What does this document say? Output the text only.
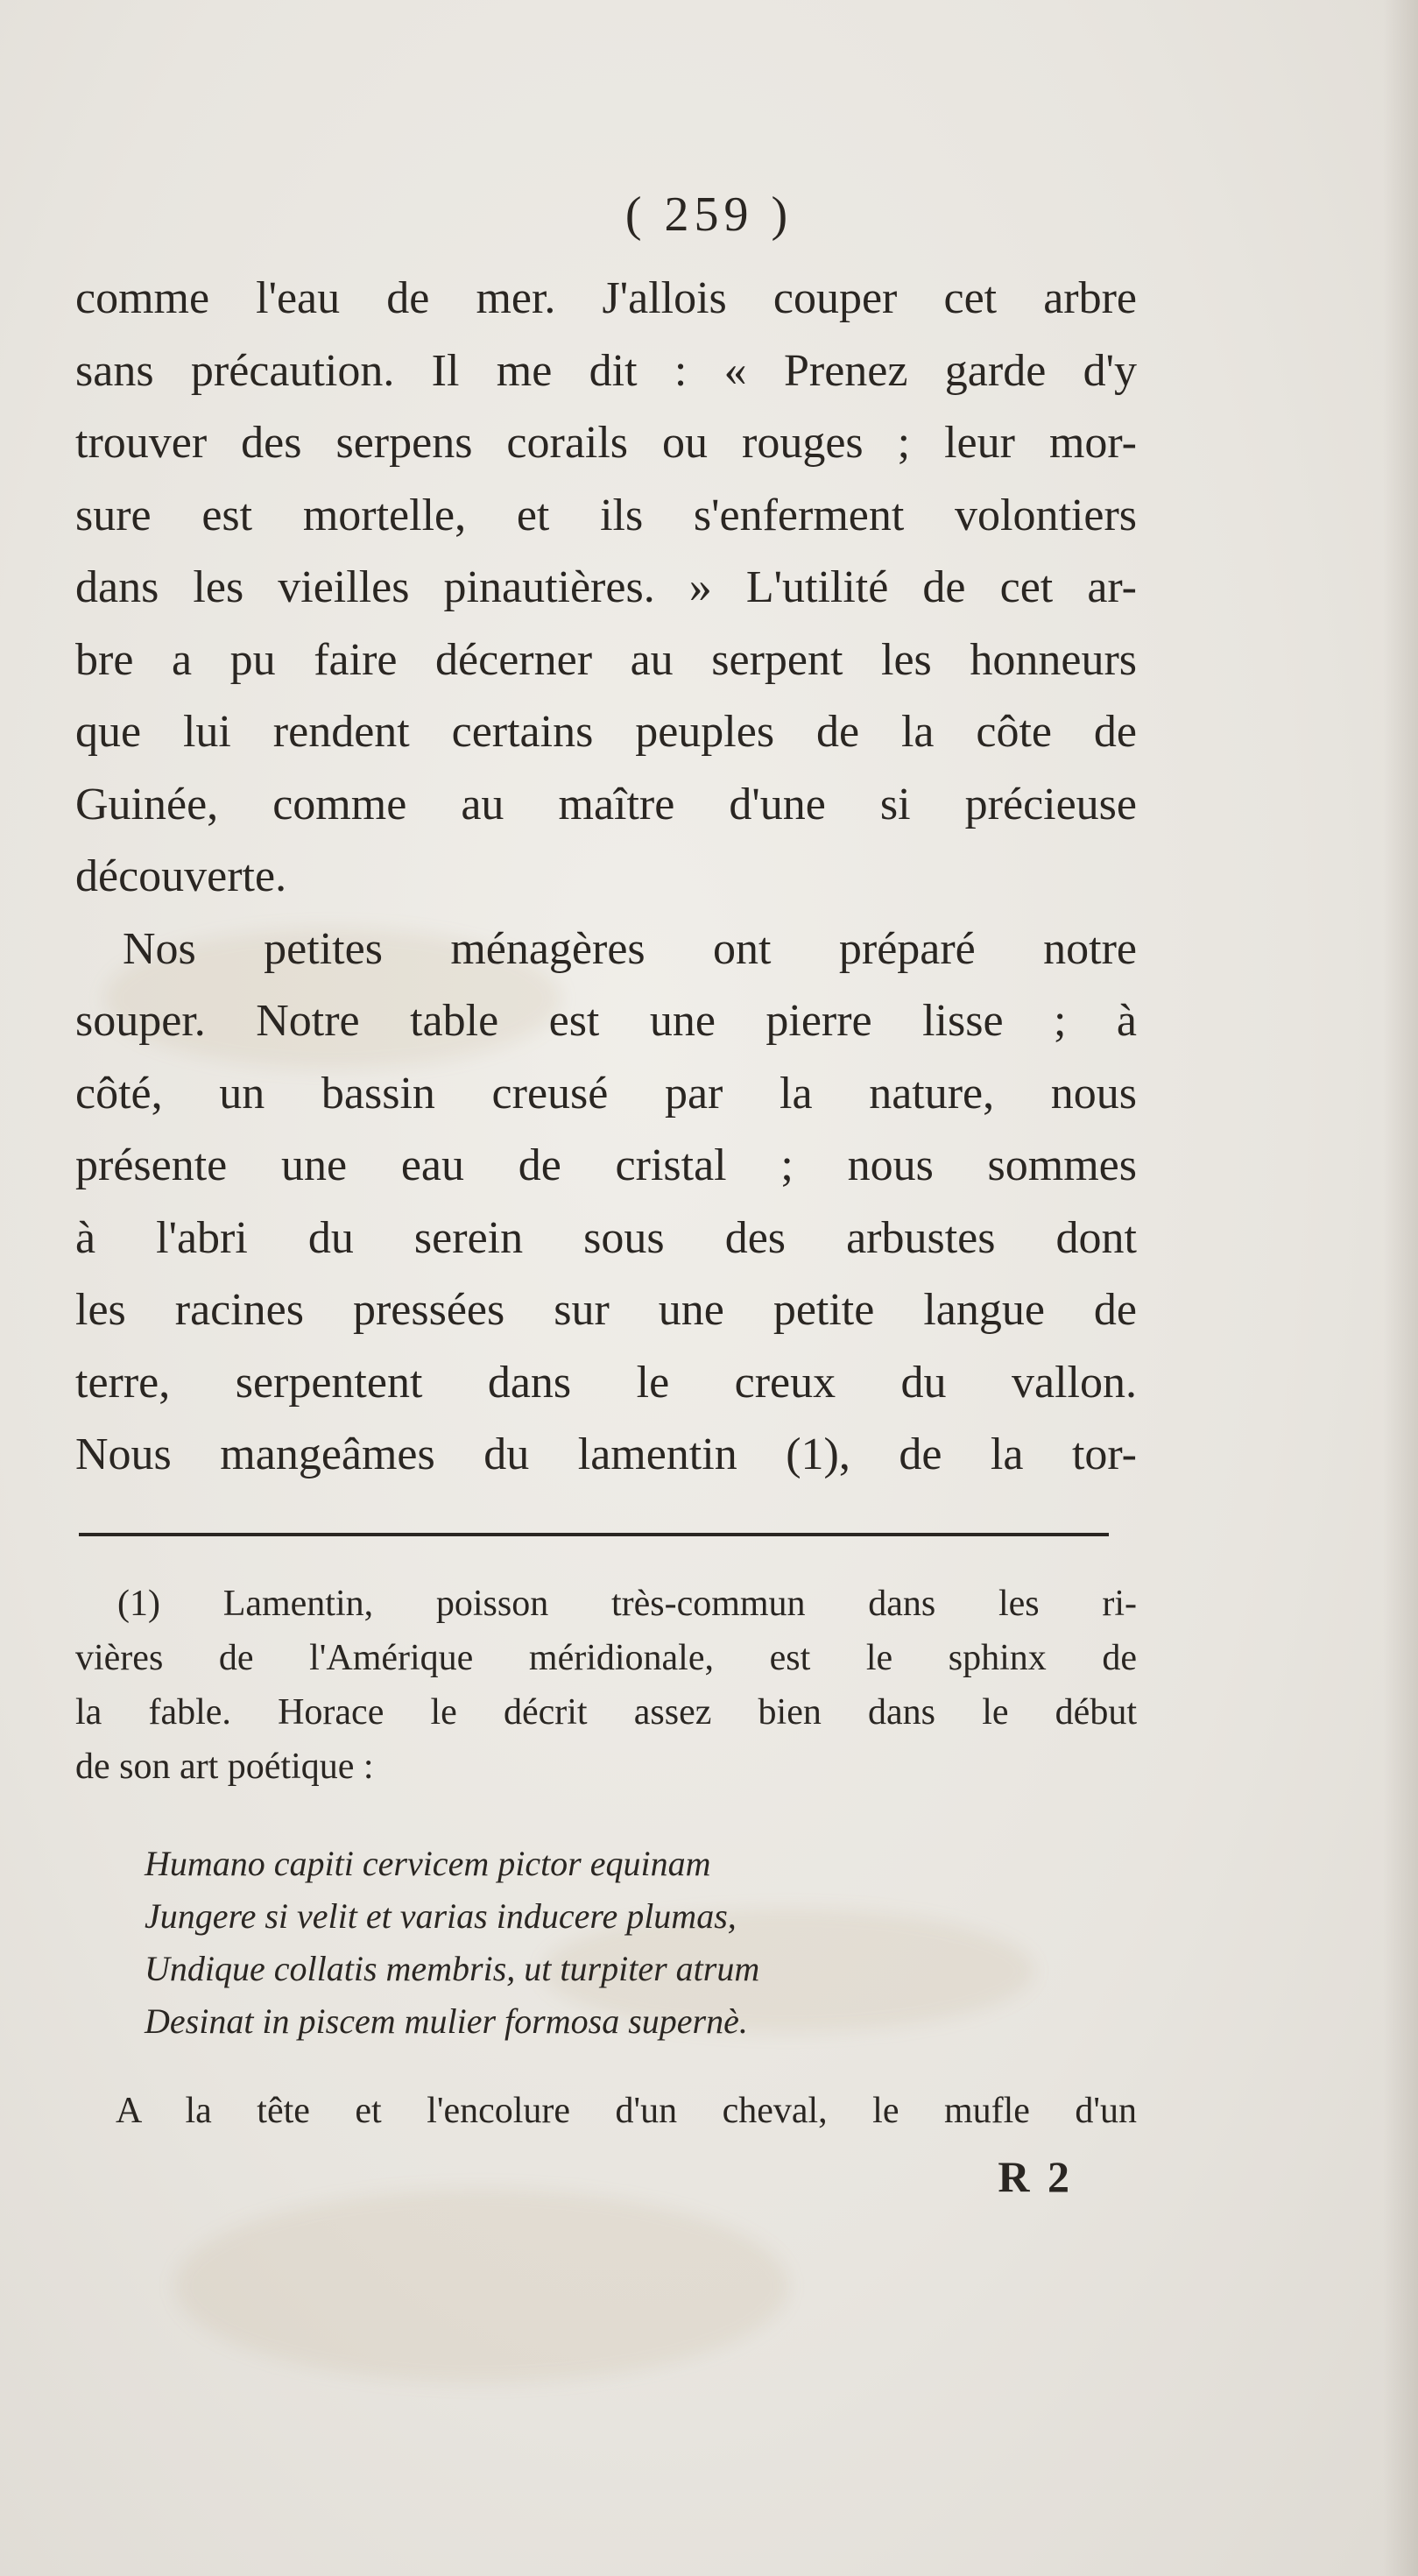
( 259 )
comme l'eau de mer. J'allois couper cet arbre
sans précaution. Il me dit : « Prenez garde d'y
trouver des serpens corails ou rouges ; leur mor-
sure est mortelle, et ils s'enferment volontiers
dans les vieilles pinautières. » L'utilité de cet ar-
bre a pu faire décerner au serpent les honneurs
que lui rendent certains peuples de la côte de
Guinée, comme au maître d'une si précieuse
découverte.
Nos petites ménagères ont préparé notre
souper. Notre table est une pierre lisse ; à
côté, un bassin creusé par la nature, nous
présente une eau de cristal ; nous sommes
à l'abri du serein sous des arbustes dont
les racines pressées sur une petite langue de
terre, serpentent dans le creux du vallon.
Nous mangeâmes du lamentin (1), de la tor-
(1) Lamentin, poisson très-commun dans les ri-
vières de l'Amérique méridionale, est le sphinx de
la fable. Horace le décrit assez bien dans le début
de son art poétique :
Humano capiti cervicem pictor equinam
Jungere si velit et varias inducere plumas,
Undique collatis membris, ut turpiter atrum
Desinat in piscem mulier formosa supernè.
A la tête et l'encolure d'un cheval, le mufle d'un
R 2
